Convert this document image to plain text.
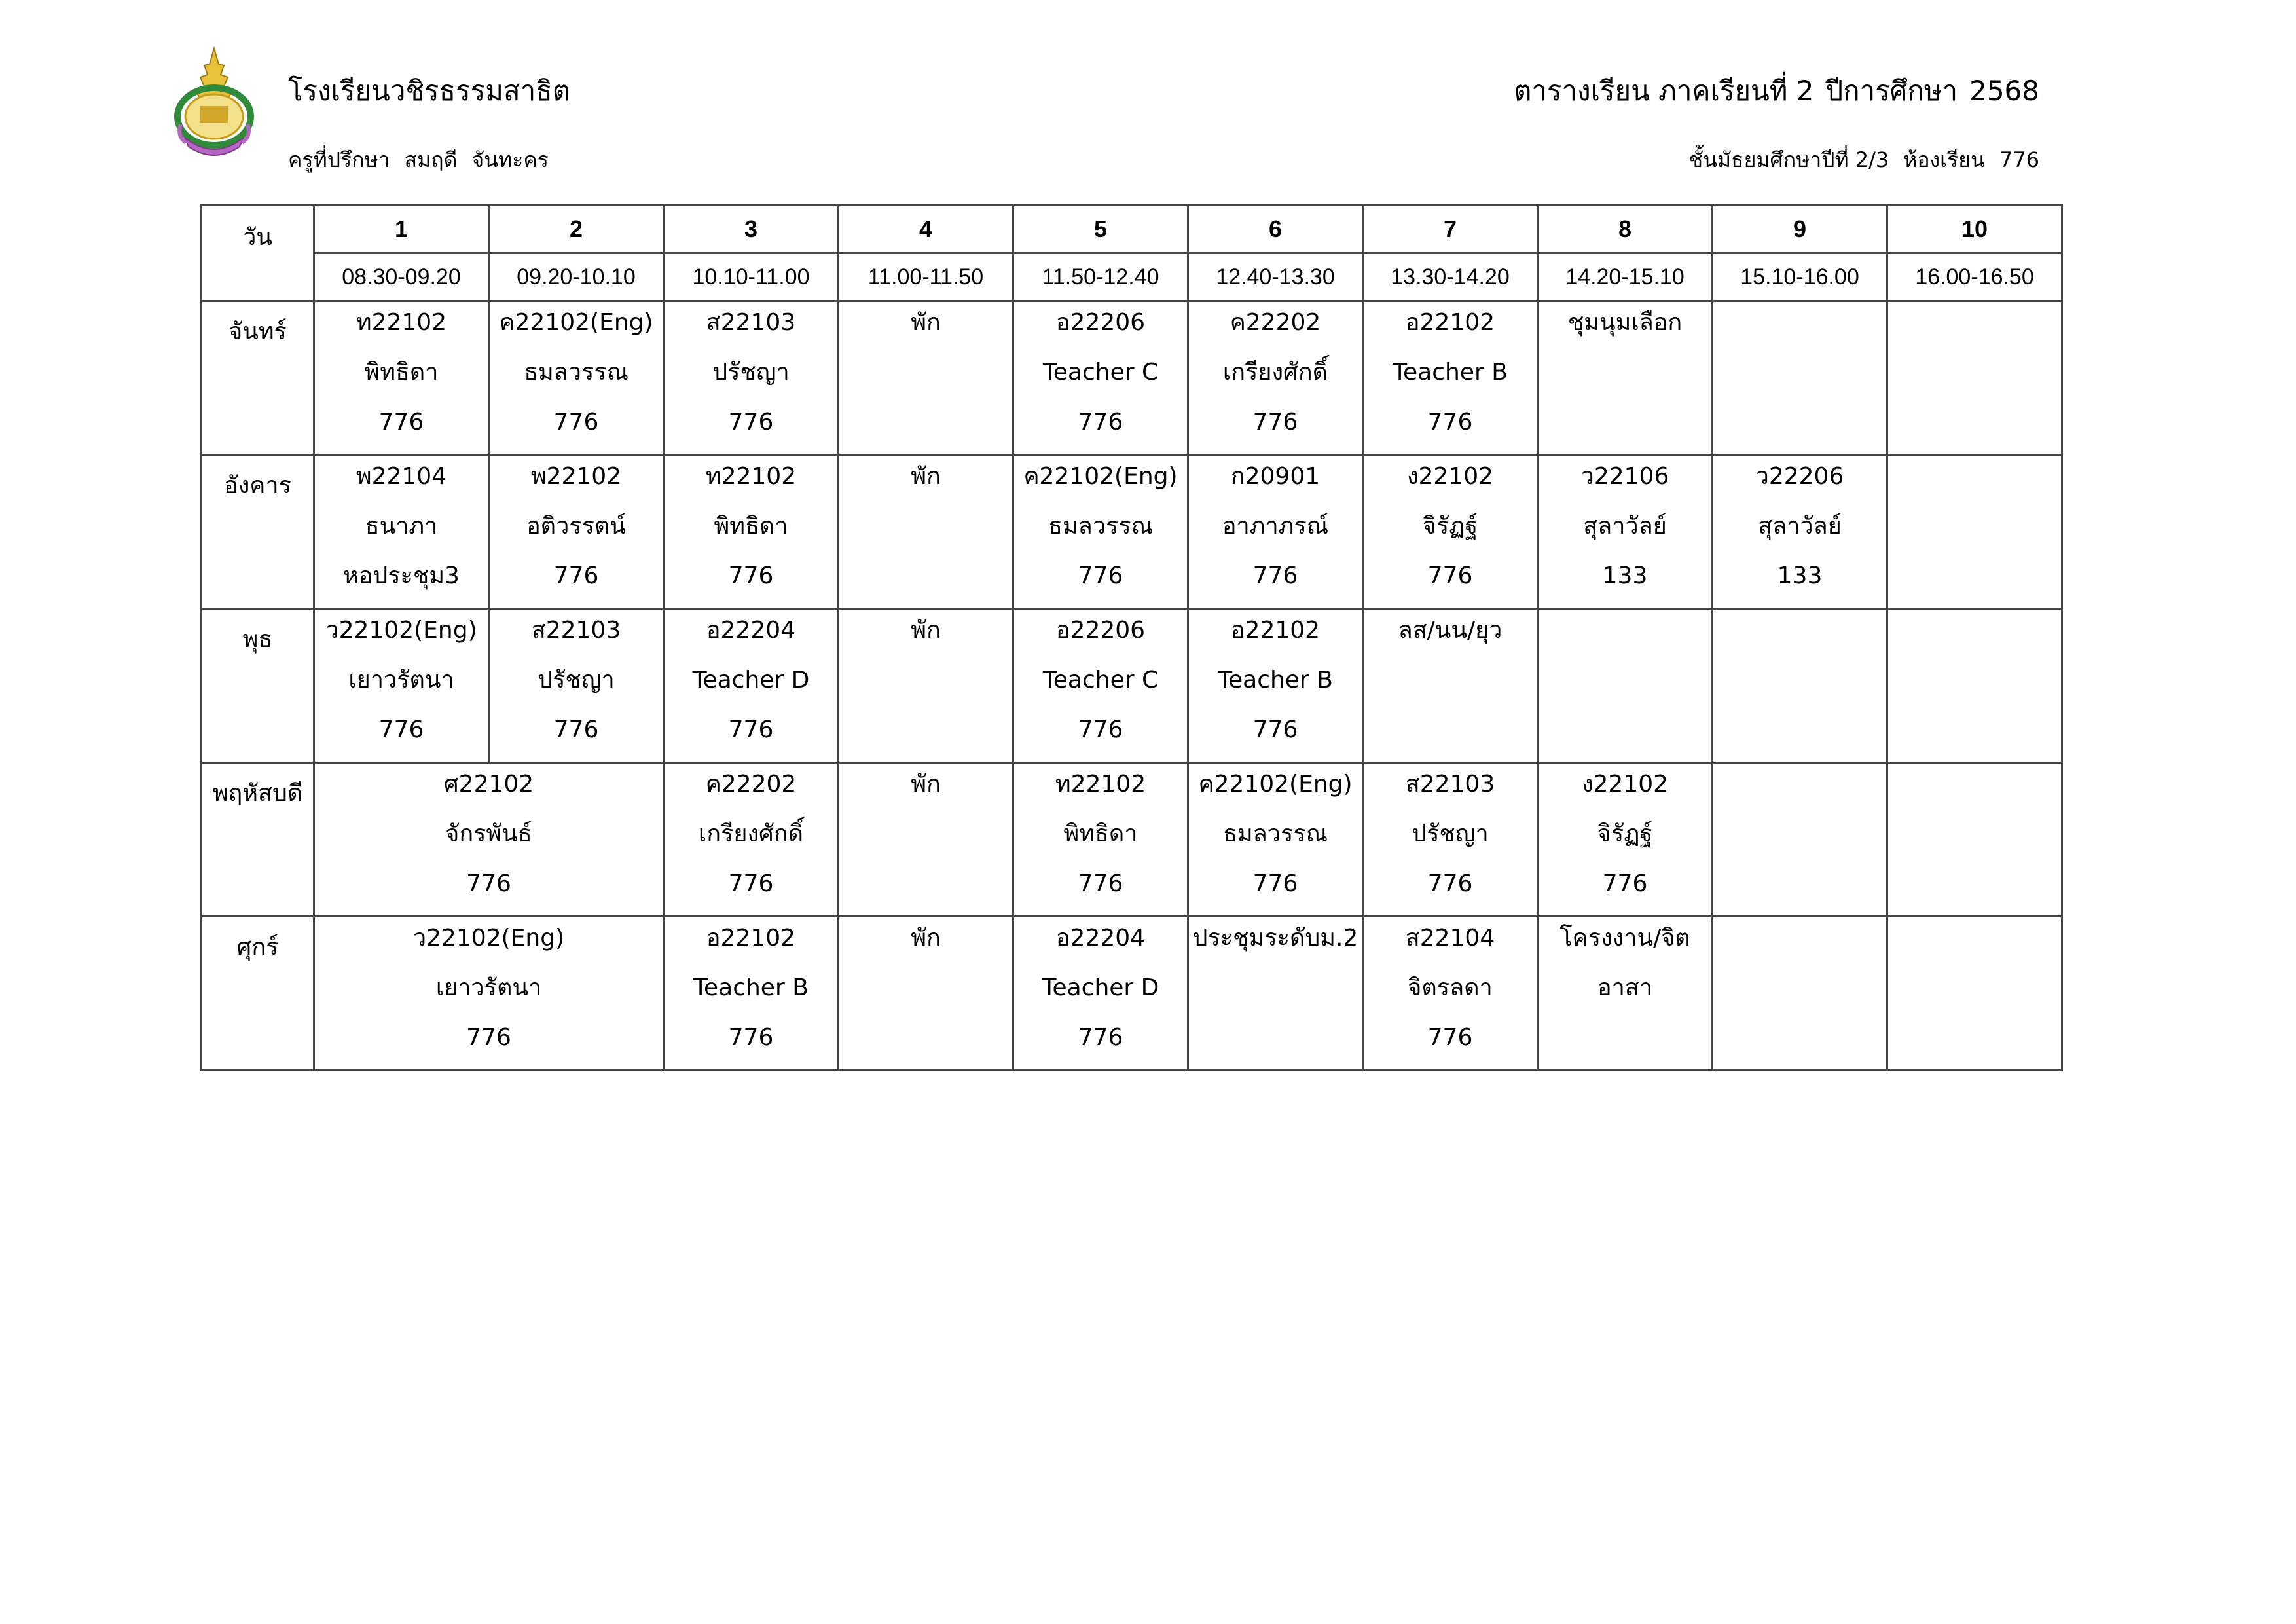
โรงเรียนวชิรธรรมสาธิต
ครูที่ปรึกษา สมฤดี จันทะคร
ตารางเรียน ภาคเรียนที่ 2 ปีการศึกษา 2568
ชั้นมัธยมศึกษาปีที่ 2/3 ห้องเรียน 776
วัน	1	2	3	4	5	6	7	8	9	10
	08.30-09.20	09.20-10.10	10.10-11.00	11.00-11.50	11.50-12.40	12.40-13.30	13.30-14.20	14.20-15.10	15.10-16.00	16.00-16.50
จันทร์	ท22102
พิทธิดา
776	ค22102(Eng)
ธมลวรรณ
776	ส22103
ปรัชญา
776	พัก	อ22206
Teacher C
776	ค22202
เกรียงศักดิ์
776	อ22102
Teacher B
776	ชุมนุมเลือก		

อังคาร	พ22104
ธนาภา
หอประชุม3	พ22102
อติวรรตน์
776	ท22102
พิทธิดา
776	พัก	ค22102(Eng)
ธมลวรรณ
776	ก20901
อาภาภรณ์
776	ง22102
จิรัฏฐ์
776	ว22106
สุลาวัลย์
133	ว22206
สุลาวัลย์
133	

พุธ	ว22102(Eng)
เยาวรัตนา
776	ส22103
ปรัชญา
776	อ22204
Teacher D
776	พัก	อ22206
Teacher C
776	อ22102
Teacher B
776	ลส/นน/ยุว			

พฤหัสบดี	ศ22102
จักรพันธ์
776		ค22202
เกรียงศักดิ์
776	พัก	ท22102
พิทธิดา
776	ค22102(Eng)
ธมลวรรณ
776	ส22103
ปรัชญา
776	ง22102
จิรัฏฐ์
776		

ศุกร์	ว22102(Eng)
เยาวรัตนา
776		อ22102
Teacher B
776	พัก	อ22204
Teacher D
776	ประชุมระดับม.2	ส22104
จิตรลดา
776	โครงงาน/จิต
อาสา		
